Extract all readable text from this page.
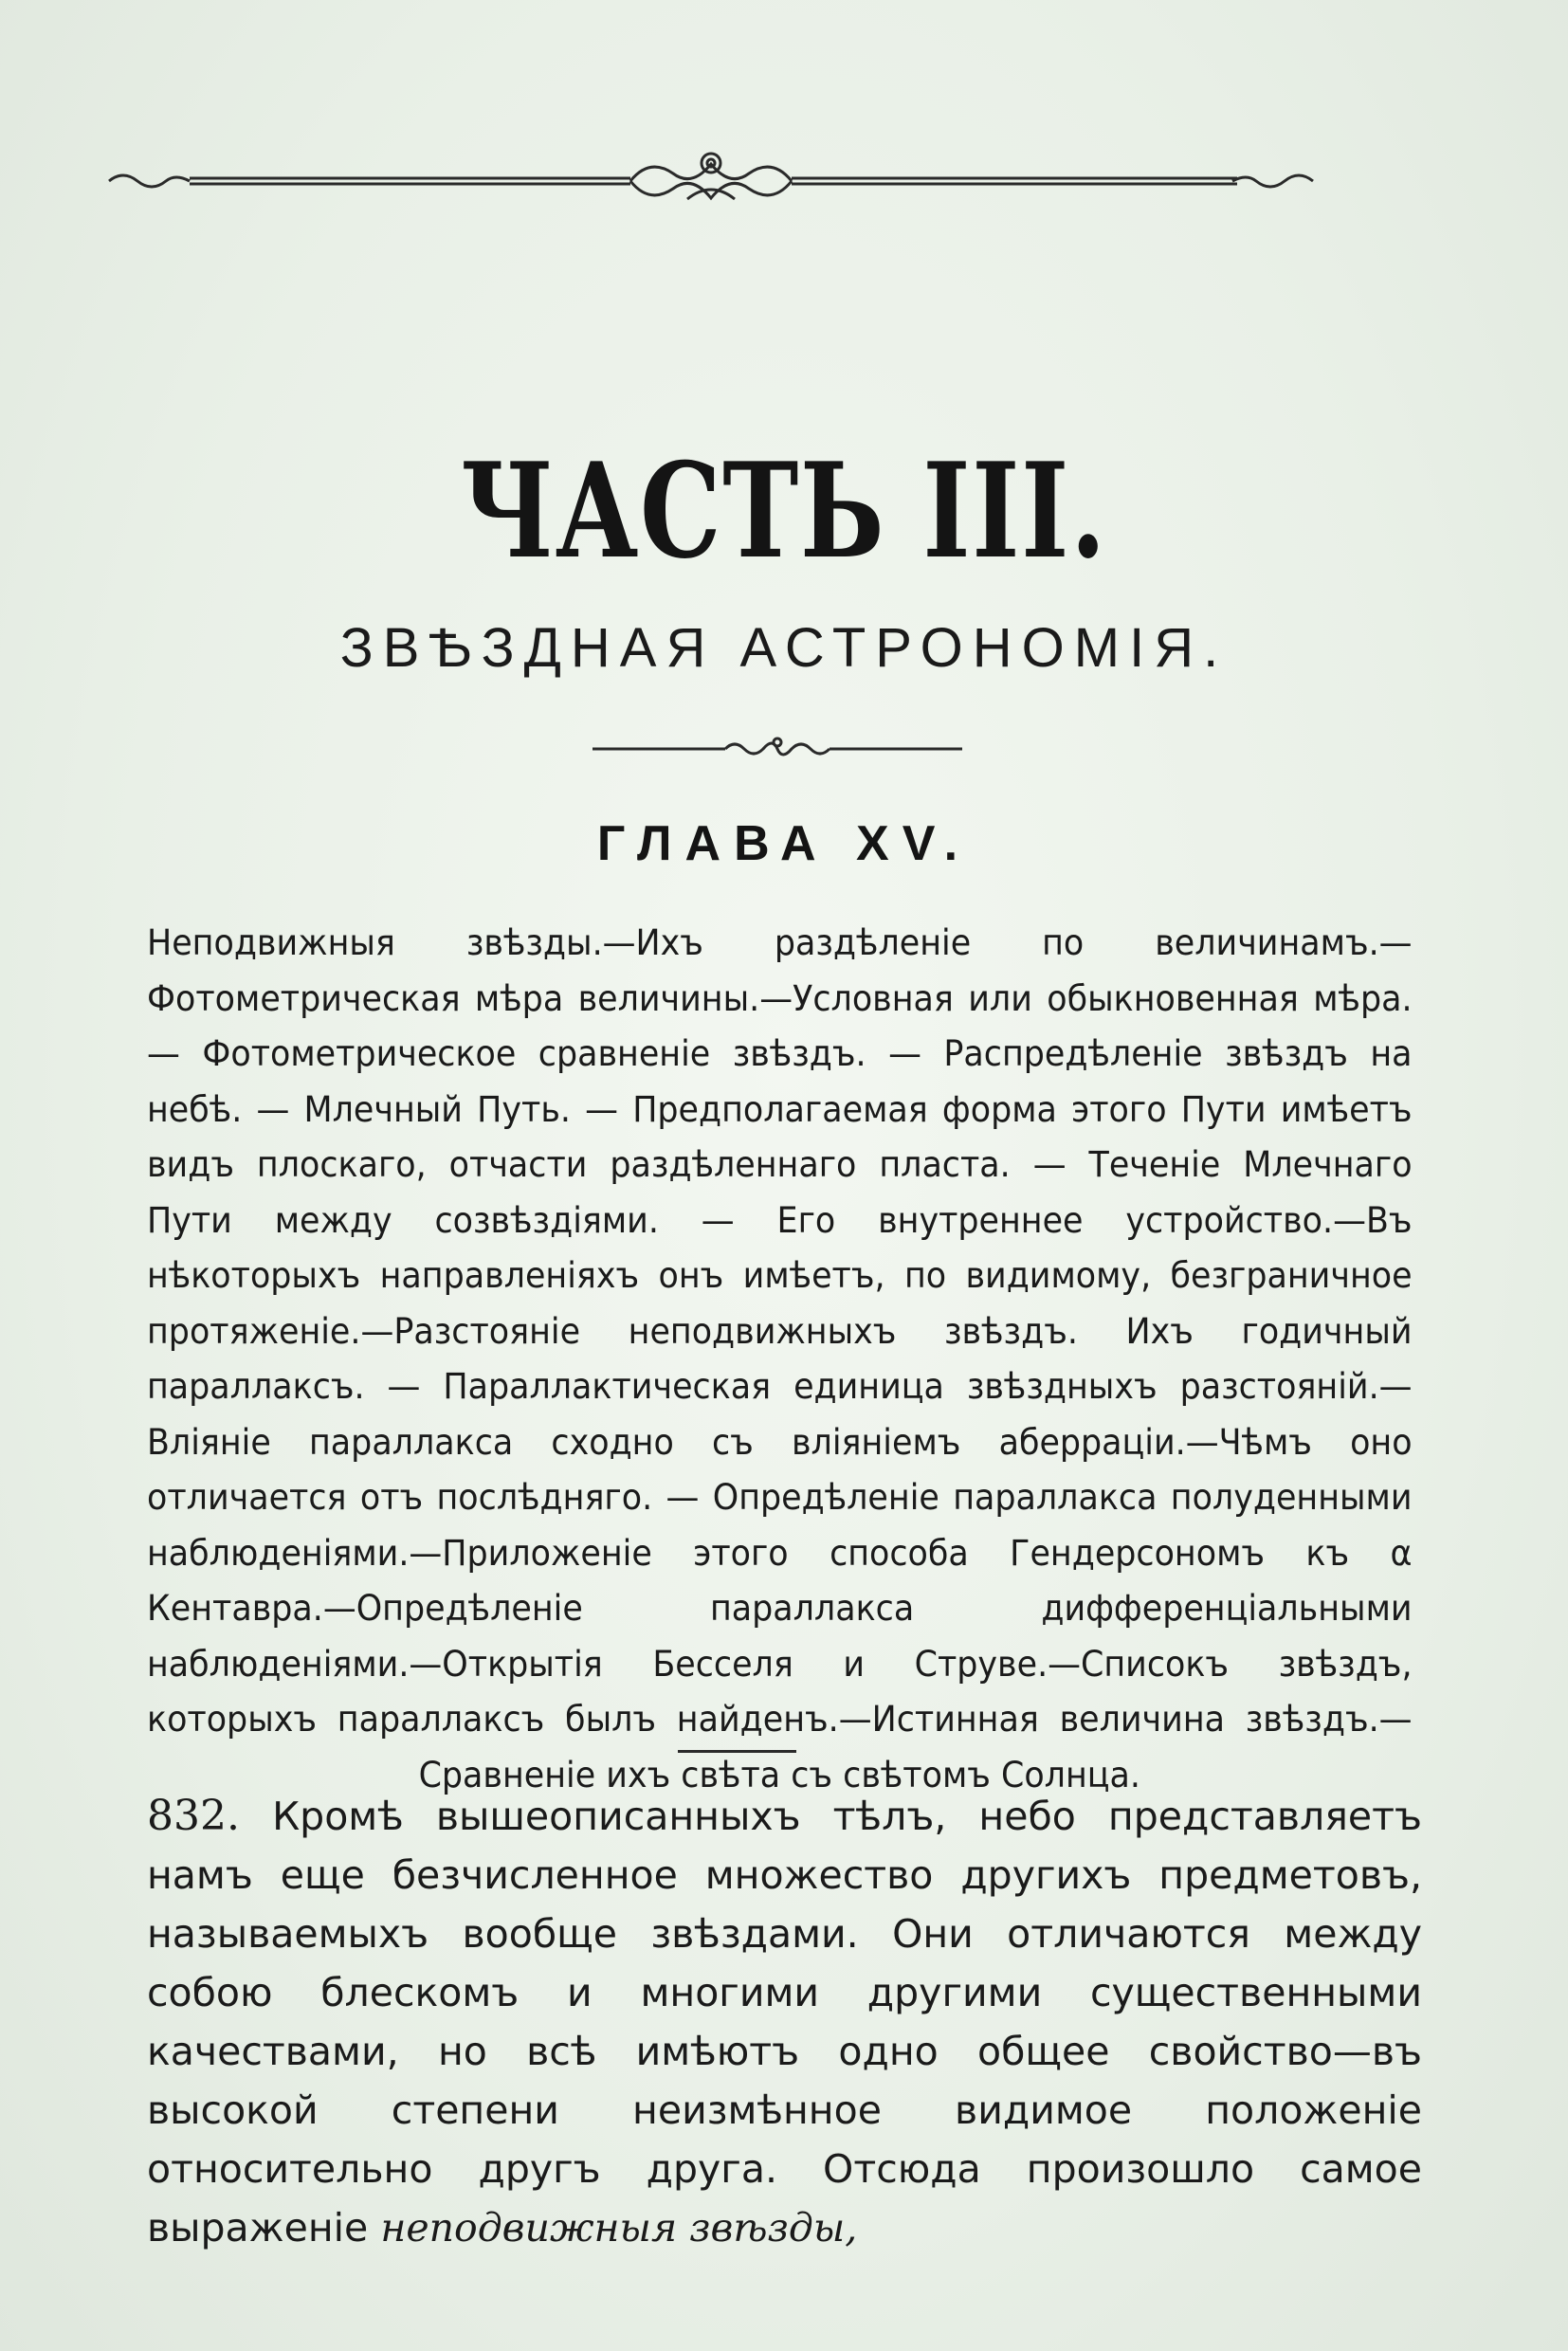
ЧАСТЬ III.
ЗВѢЗДНАЯ АСТРОНОМІЯ.
ГЛАВА XV.
Неподвижныя звѣзды.—Ихъ раздѣленіе по величинамъ.—Фотометрическая мѣра величины.—Условная или обыкновенная мѣра. — Фотометрическое сравненіе звѣздъ. — Распредѣленіе звѣздъ на небѣ. — Млечный Путь. — Предполагаемая форма этого Пути имѣетъ видъ плоскаго, отчасти раздѣленнаго пласта. — Теченіе Млечнаго Пути между созвѣздіями. — Его внутреннее устройство.—Въ нѣкоторыхъ направленіяхъ онъ имѣетъ, по видимому, безграничное протяженіе.—Разстояніе неподвижныхъ звѣздъ. Ихъ годичный параллаксъ. — Параллактическая единица звѣздныхъ разстояній.—Вліяніе параллакса сходно съ вліяніемъ аберраціи.—Чѣмъ оно отличается отъ послѣдняго. — Опредѣленіе параллакса полуденными наблюденіями.—Приложеніе этого способа Гендерсономъ къ α Кентавра.—Опредѣленіе параллакса дифференціальными наблюденіями.—Открытія Бесселя и Струве.—Списокъ звѣздъ, которыхъ параллаксъ былъ найденъ.—Истинная величина звѣздъ.— Сравненіе ихъ свѣта съ свѣтомъ Солнца.
832. Кромѣ вышеописанныхъ тѣлъ, небо представляетъ намъ еще безчисленное множество другихъ предметовъ, называемыхъ вообще звѣздами. Они отличаются между собою блескомъ и многими другими существенными качествами, но всѣ имѣютъ одно общее свойство—въ высокой степени неизмѣнное видимое положеніе относительно другъ друга. Отсюда произошло самое выраженіе неподвижныя звѣзды,
